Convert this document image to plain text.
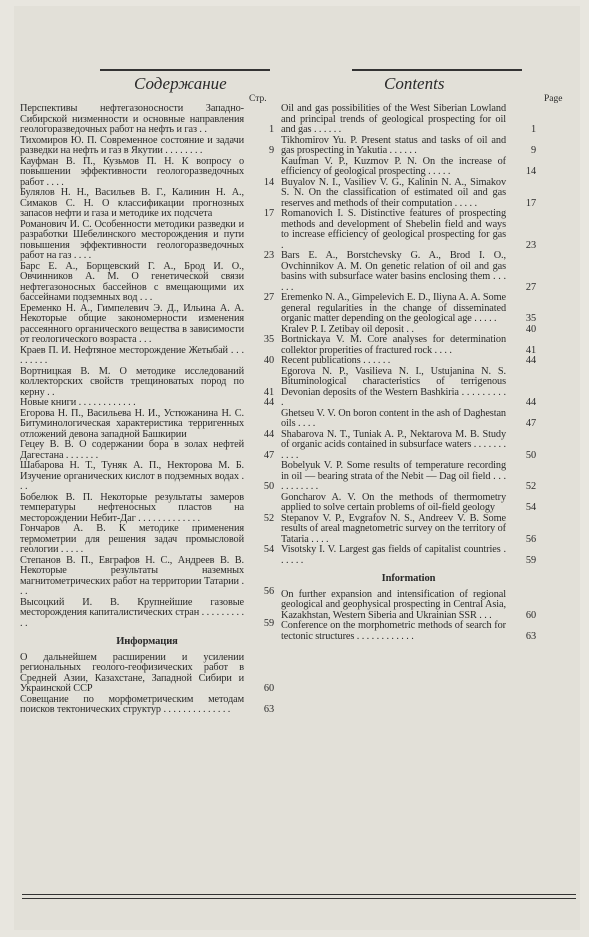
Содержание	Contents
Стр.	Page
Перспективы нефтегазоносности Западно-Сибирской низменности и основные направления геологоразведочных работ на нефть и газ . .	1
Тихомиров Ю. П. Современное состояние и задачи разведки на нефть и газ в Якутии . . . . . . . .	9
Кауфман В. П., Кузьмов П. Н. К вопросу о повышении эффективности геологоразведочных работ . . . .	14
Булялов Н. Н., Васильев В. Г., Калинин Н. А., Симаков С. Н. О классификации прогнозных запасов нефти и газа и методике их подсчета	17
Романович И. С. Особенности методики разведки и разработки Шебелинского месторождения и пути повышения эффективности геологоразведочных работ на газ . . . .	23
Барс Е. А., Борщевский Г. А., Брод И. О., Овчинников А. М. О генетической связи нефтегазоносных бассейнов с вмещающими их бассейнами подземных вод . . .	27
Еременко Н. А., Гимпелевич Э. Д., Ильина А. А. Некоторые общие закономерности изменения рассеянного органического вещества в зависимости от геологического возраста . . .	35
Краев П. И. Нефтяное месторождение Жетыбай . . . . . . . . .	40
Вортницкая В. М. О методике исследований коллекторских свойств трещиноватых пород по керну . .	41
Новые книги . . . . . . . . . . . .	44
Егорова Н. П., Васильева Н. И., Устюжанина Н. С. Битуминологическая характеристика терригенных отложений девона западной Башкирии	44
Гецеу В. В. О содержании бора в золах нефтей Дагестана . . . . . . .	47
Шабарова Н. Т., Туняк А. П., Некторова М. Б. Изучение органических кислот в подземных водах . . .	50
Бобелюк В. П. Некоторые результаты замеров температуры нефтеносных пластов на месторождении Небит-Даг . . . . . . . . . . . . .	52
Гончаров А. В. К методике применения термометрии для решения задач промысловой геологии . . . . .	54
Степанов В. П., Евграфов Н. С., Андреев В. В. Некоторые результаты наземных магнитометрических работ на территории Татарии . . .	56
Высоцкий И. В. Крупнейшие газовые месторождения капиталистических стран . . . . . . . . . . .	59
Информация
О дальнейшем расширении и усилении региональных геолого-геофизических работ в Средней Азии, Казахстане, Западной Сибири и Украинской ССР	60
Совещание по морфометрическим методам поисков тектонических структур . . . . . . . . . . . . . .	63
Oil and gas possibilities of the West Siberian Lowland and principal trends of geological prospecting for oil and gas . . . . . .	1
Tikhomirov Yu. P. Present status and tasks of oil and gas prospecting in Yakutia . . . . . .	9
Kaufman V. P., Kuzmov P. N. On the increase of efficiency of geological prospecting . . . . .	14
Buyalov N. I., Vasiliev V. G., Kalinin N. A., Simakov S. N. On the classification of estimated oil and gas reserves and methods of their computation . . . . .	17
Romanovich I. S. Distinctive features of prospecting methods and development of Shebelin field and ways to increase efficiency of geological prospecting for gas .	23
Bars E. A., Borstchevsky G. A., Brod I. O., Ovchinnikov A. M. On genetic relation of oil and gas basins with subsurface water basins enclosing them . . . . . .	27
Eremenko N. A., Gimpelevich E. D., Iliyna A. A. Some general regularities in the change of disseminated organic matter depending on the geological age . . . . .	35
Kralev P. I. Zetibay oil deposit . .	40
Bortnickaya V. M. Core analyses for determination collektor properities of fractured rock . . . .	41
Recent publications . . . . . .	44
Egorova N. P., Vasilieva N. I., Ustujanina N. S. Bituminological characteristics of terrigenous Devonian deposits of the Western Bashkiria . . . . . . . . . .	44
Ghetseu V. V. On boron content in the ash of Daghestan oils . . . .	47
Shabarova N. T., Tuniak A. P., Nektarova M. B. Study of organic acids contained in subsurface waters . . . . . . . . . . .	50
Bobelyuk V. P. Some results of temperature recording in oil — bearing strata of the Nebit — Dag oil field . . . . . . . . . . .	52
Goncharov A. V. On the methods of thermometry applied to solve certain problems of oil-field geology	54
Stepanov V. P., Evgrafov N. S., Andreev V. B. Some results of areal magnetometric survey on the territory of Tataria . . . .	56
Visotsky I. V. Largest gas fields of capitalist countries . . . . . .	59
Information
On further expansion and intensification of regional geological and geophysical prospecting in Central Asia, Kazakhstan, Western Siberia and Ukrainian SSR . . .	60
Conference on the morphometric methods of search for tectonic structures . . . . . . . . . . . .	63
